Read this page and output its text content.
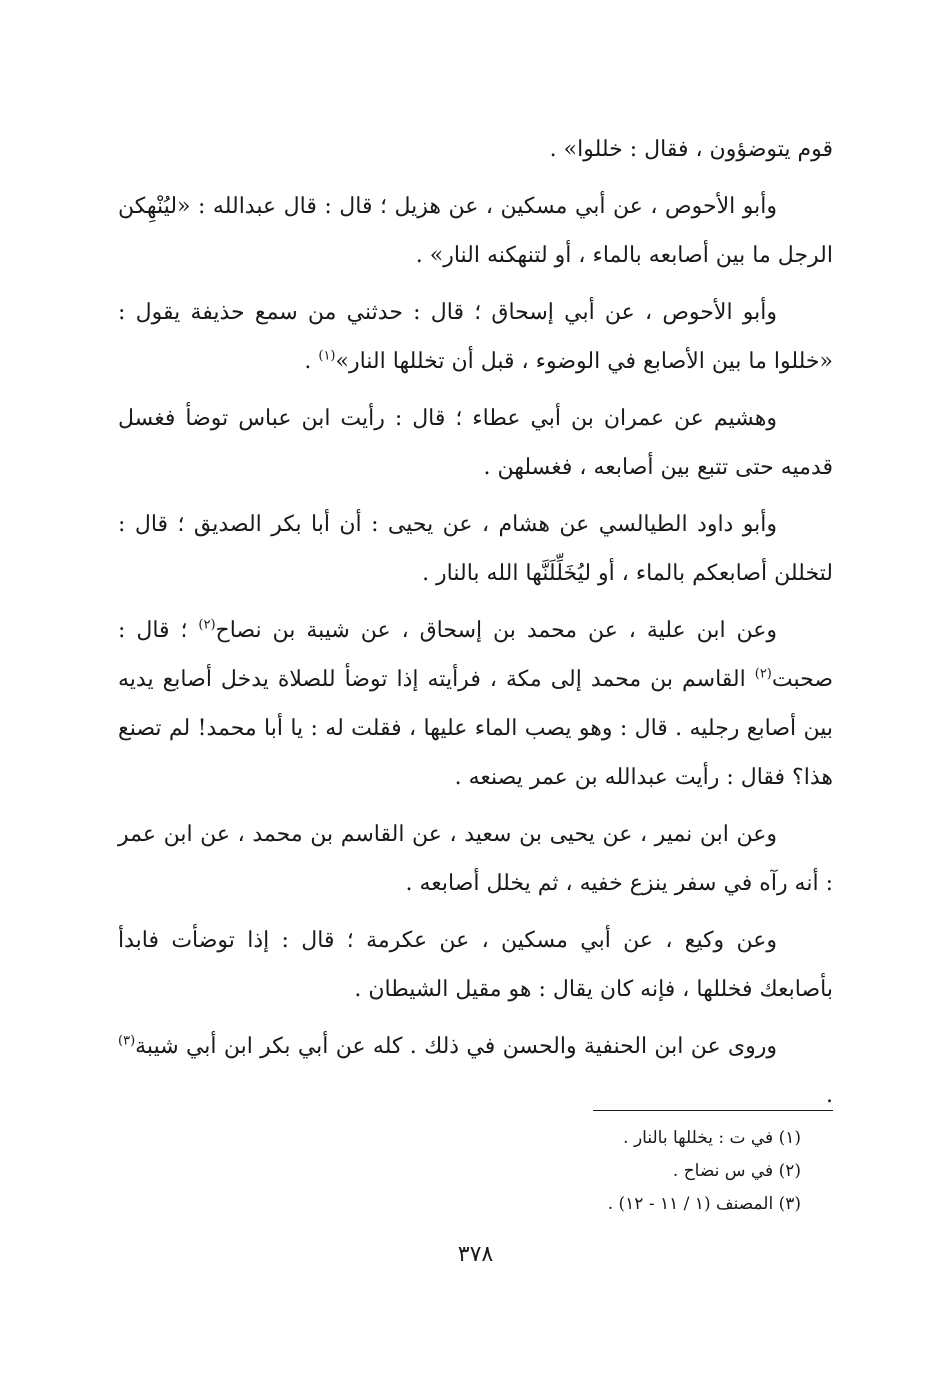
قوم يتوضؤون ، فقال : خللوا» .

وأبو الأحوص ، عن أبي مسكين ، عن هزيل ؛ قال : قال عبدالله : «ليُنْهِكن الرجل ما بين أصابعه بالماء ، أو لتنهكنه النار» .

وأبو الأحوص ، عن أبي إسحاق ؛ قال : حدثني من سمع حذيفة يقول : «خللوا ما بين الأصابع في الوضوء ، قبل أن تخللها النار»$^{(١)}$ .

وهشيم عن عمران بن أبي عطاء ؛ قال : رأيت ابن عباس توضأ فغسل قدميه حتى تتبع بين أصابعه ، فغسلهن .

وأبو داود الطيالسي عن هشام ، عن يحيى : أن أبا بكر الصديق ؛ قال : لتخللن أصابعكم بالماء ، أو ليُخَلِّلَنَّها الله بالنار .

وعن ابن علية ، عن محمد بن إسحاق ، عن شيبة بن نصاح$^{(٢)}$ ؛ قال : صحبت$^{(٢)}$ القاسم بن محمد إلى مكة ، فرأيته إذا توضأ للصلاة يدخل أصابع يديه بين أصابع رجليه . قال : وهو يصب الماء عليها ، فقلت له : يا أبا محمد! لم تصنع هذا؟ فقال : رأيت عبدالله بن عمر يصنعه .

وعن ابن نمير ، عن يحيى بن سعيد ، عن القاسم بن محمد ، عن ابن عمر : أنه رآه في سفر ينزع خفيه ، ثم يخلل أصابعه .

وعن وكيع ، عن أبي مسكين ، عن عكرمة ؛ قال : إذا توضأت فابدأ بأصابعك فخللها ، فإنه كان يقال : هو مقيل الشيطان .

وروى عن ابن الحنفية والحسن في ذلك . كله عن أبي بكر ابن أبي شيبة$^{(٣)}$ .

(١) في ت : يخللها بالنار .
(٢) في س نضاح .
(٣) المصنف (١ / ١١ - ١٢) .
٣٧٨
